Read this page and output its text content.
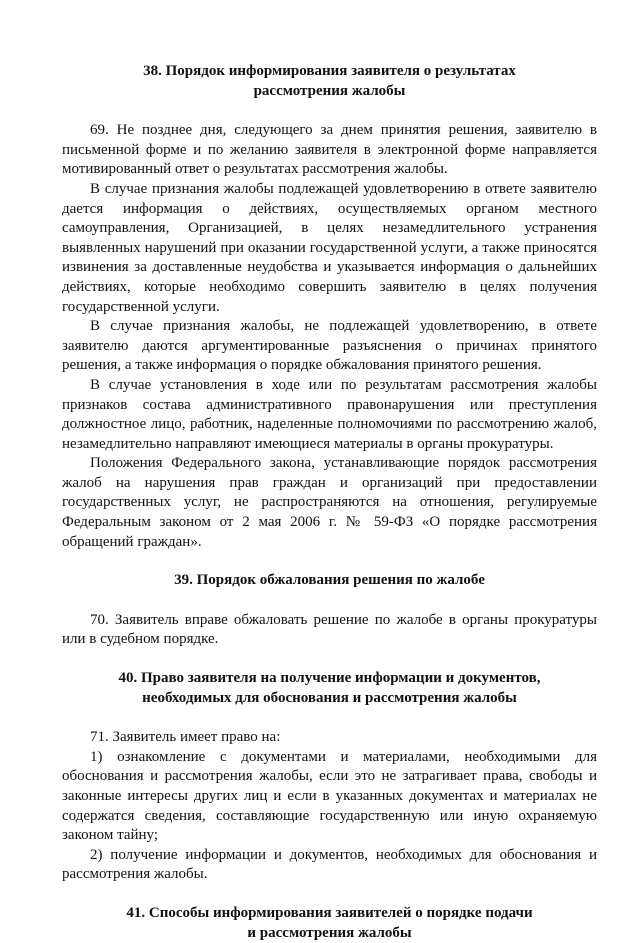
38. Порядок информирования заявителя о результатах
рассмотрения жалобы

69. Не позднее дня, следующего за днем принятия решения, заявителю в письменной форме и по желанию заявителя в электронной форме направляется мотивированный ответ о результатах рассмотрения жалобы.

В случае признания жалобы подлежащей удовлетворению в ответе заявителю дается информация о действиях, осуществляемых органом местного самоуправления, Организацией, в целях незамедлительного устранения выявленных нарушений при оказании государственной услуги, а также приносятся извинения за доставленные неудобства и указывается информация о дальнейших действиях, которые необходимо совершить заявителю в целях получения государственной услуги.

В случае признания жалобы, не подлежащей удовлетворению, в ответе заявителю даются аргументированные разъяснения о причинах принятого решения, а также информация о порядке обжалования принятого решения.

В случае установления в ходе или по результатам рассмотрения жалобы признаков состава административного правонарушения или преступления должностное лицо, работник, наделенные полномочиями по рассмотрению жалоб, незамедлительно направляют имеющиеся материалы в органы прокуратуры.

Положения Федерального закона, устанавливающие порядок рассмотрения жалоб на нарушения прав граждан и организаций при предоставлении государственных услуг, не распространяются на отношения, регулируемые Федеральным законом от 2 мая 2006 г. № 59-ФЗ «О порядке рассмотрения обращений граждан».

39. Порядок обжалования решения по жалобе

70. Заявитель вправе обжаловать решение по жалобе в органы прокуратуры или в судебном порядке.

40. Право заявителя на получение информации и документов,
необходимых для обоснования и рассмотрения жалобы

71. Заявитель имеет право на:

1) ознакомление с документами и материалами, необходимыми для обоснования и рассмотрения жалобы, если это не затрагивает права, свободы и законные интересы других лиц и если в указанных документах и материалах не содержатся сведения, составляющие государственную или иную охраняемую законом тайну;

2) получение информации и документов, необходимых для обоснования и рассмотрения жалобы.

41. Способы информирования заявителей о порядке подачи
и рассмотрения жалобы
